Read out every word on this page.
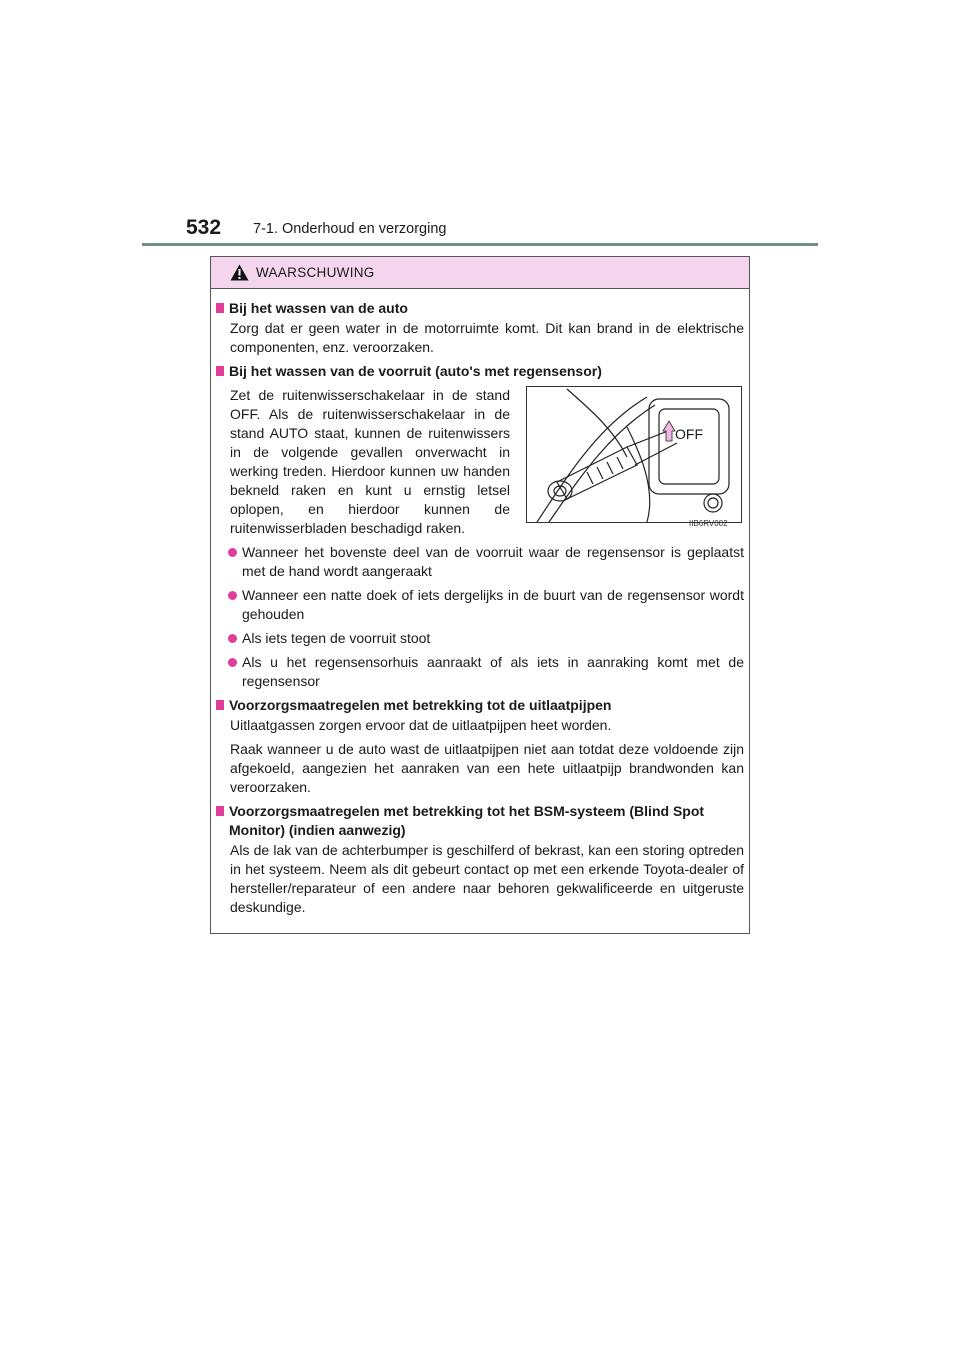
532 7-1. Onderhoud en verzorging
WAARSCHUWING
Bij het wassen van de auto
Zorg dat er geen water in de motorruimte komt. Dit kan brand in de elektrische componenten, enz. veroorzaken.
Bij het wassen van de voorruit (auto's met regensensor)
Zet de ruitenwisserschakelaar in de stand OFF. Als de ruitenwisserschakelaar in de stand AUTO staat, kunnen de ruitenwissers in de volgende gevallen onverwacht in werking treden. Hierdoor kunnen uw handen bekneld raken en kunt u ernstig letsel oplopen, en hierdoor kunnen de ruitenwisserbladen beschadigd raken.
OFF
IIB6RV002
Wanneer het bovenste deel van de voorruit waar de regensensor is geplaatst met de hand wordt aangeraakt
Wanneer een natte doek of iets dergelijks in de buurt van de regensensor wordt gehouden
Als iets tegen de voorruit stoot
Als u het regensensorhuis aanraakt of als iets in aanraking komt met de regensensor
Voorzorgsmaatregelen met betrekking tot de uitlaatpijpen
Uitlaatgassen zorgen ervoor dat de uitlaatpijpen heet worden.
Raak wanneer u de auto wast de uitlaatpijpen niet aan totdat deze voldoende zijn afgekoeld, aangezien het aanraken van een hete uitlaatpijp brandwonden kan veroorzaken.
Voorzorgsmaatregelen met betrekking tot het BSM-systeem (Blind Spot Monitor) (indien aanwezig)
Als de lak van de achterbumper is geschilferd of bekrast, kan een storing optreden in het systeem. Neem als dit gebeurt contact op met een erkende Toyota-dealer of hersteller/reparateur of een andere naar behoren gekwalificeerde en uitgeruste deskundige.
